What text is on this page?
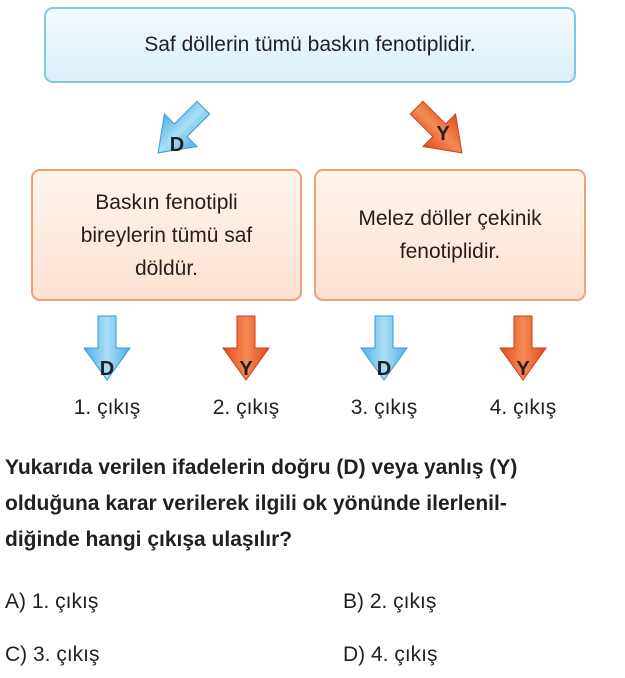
Saf döllerin tümü baskın fenotiplidir.
D	Y
Baskın fenotipli
bireylerin tümü saf
döldür.
Melez döller çekinik
fenotiplidir.
D	Y	D	Y
1. çıkış	2. çıkış	3. çıkış	4. çıkış
Yukarıda verilen ifadelerin doğru (D) veya yanlış (Y)
olduğuna karar verilerek ilgili ok yönünde ilerlenil-
diğinde hangi çıkışa ulaşılır?
A) 1. çıkış	B) 2. çıkış
C) 3. çıkış	D) 4. çıkış
